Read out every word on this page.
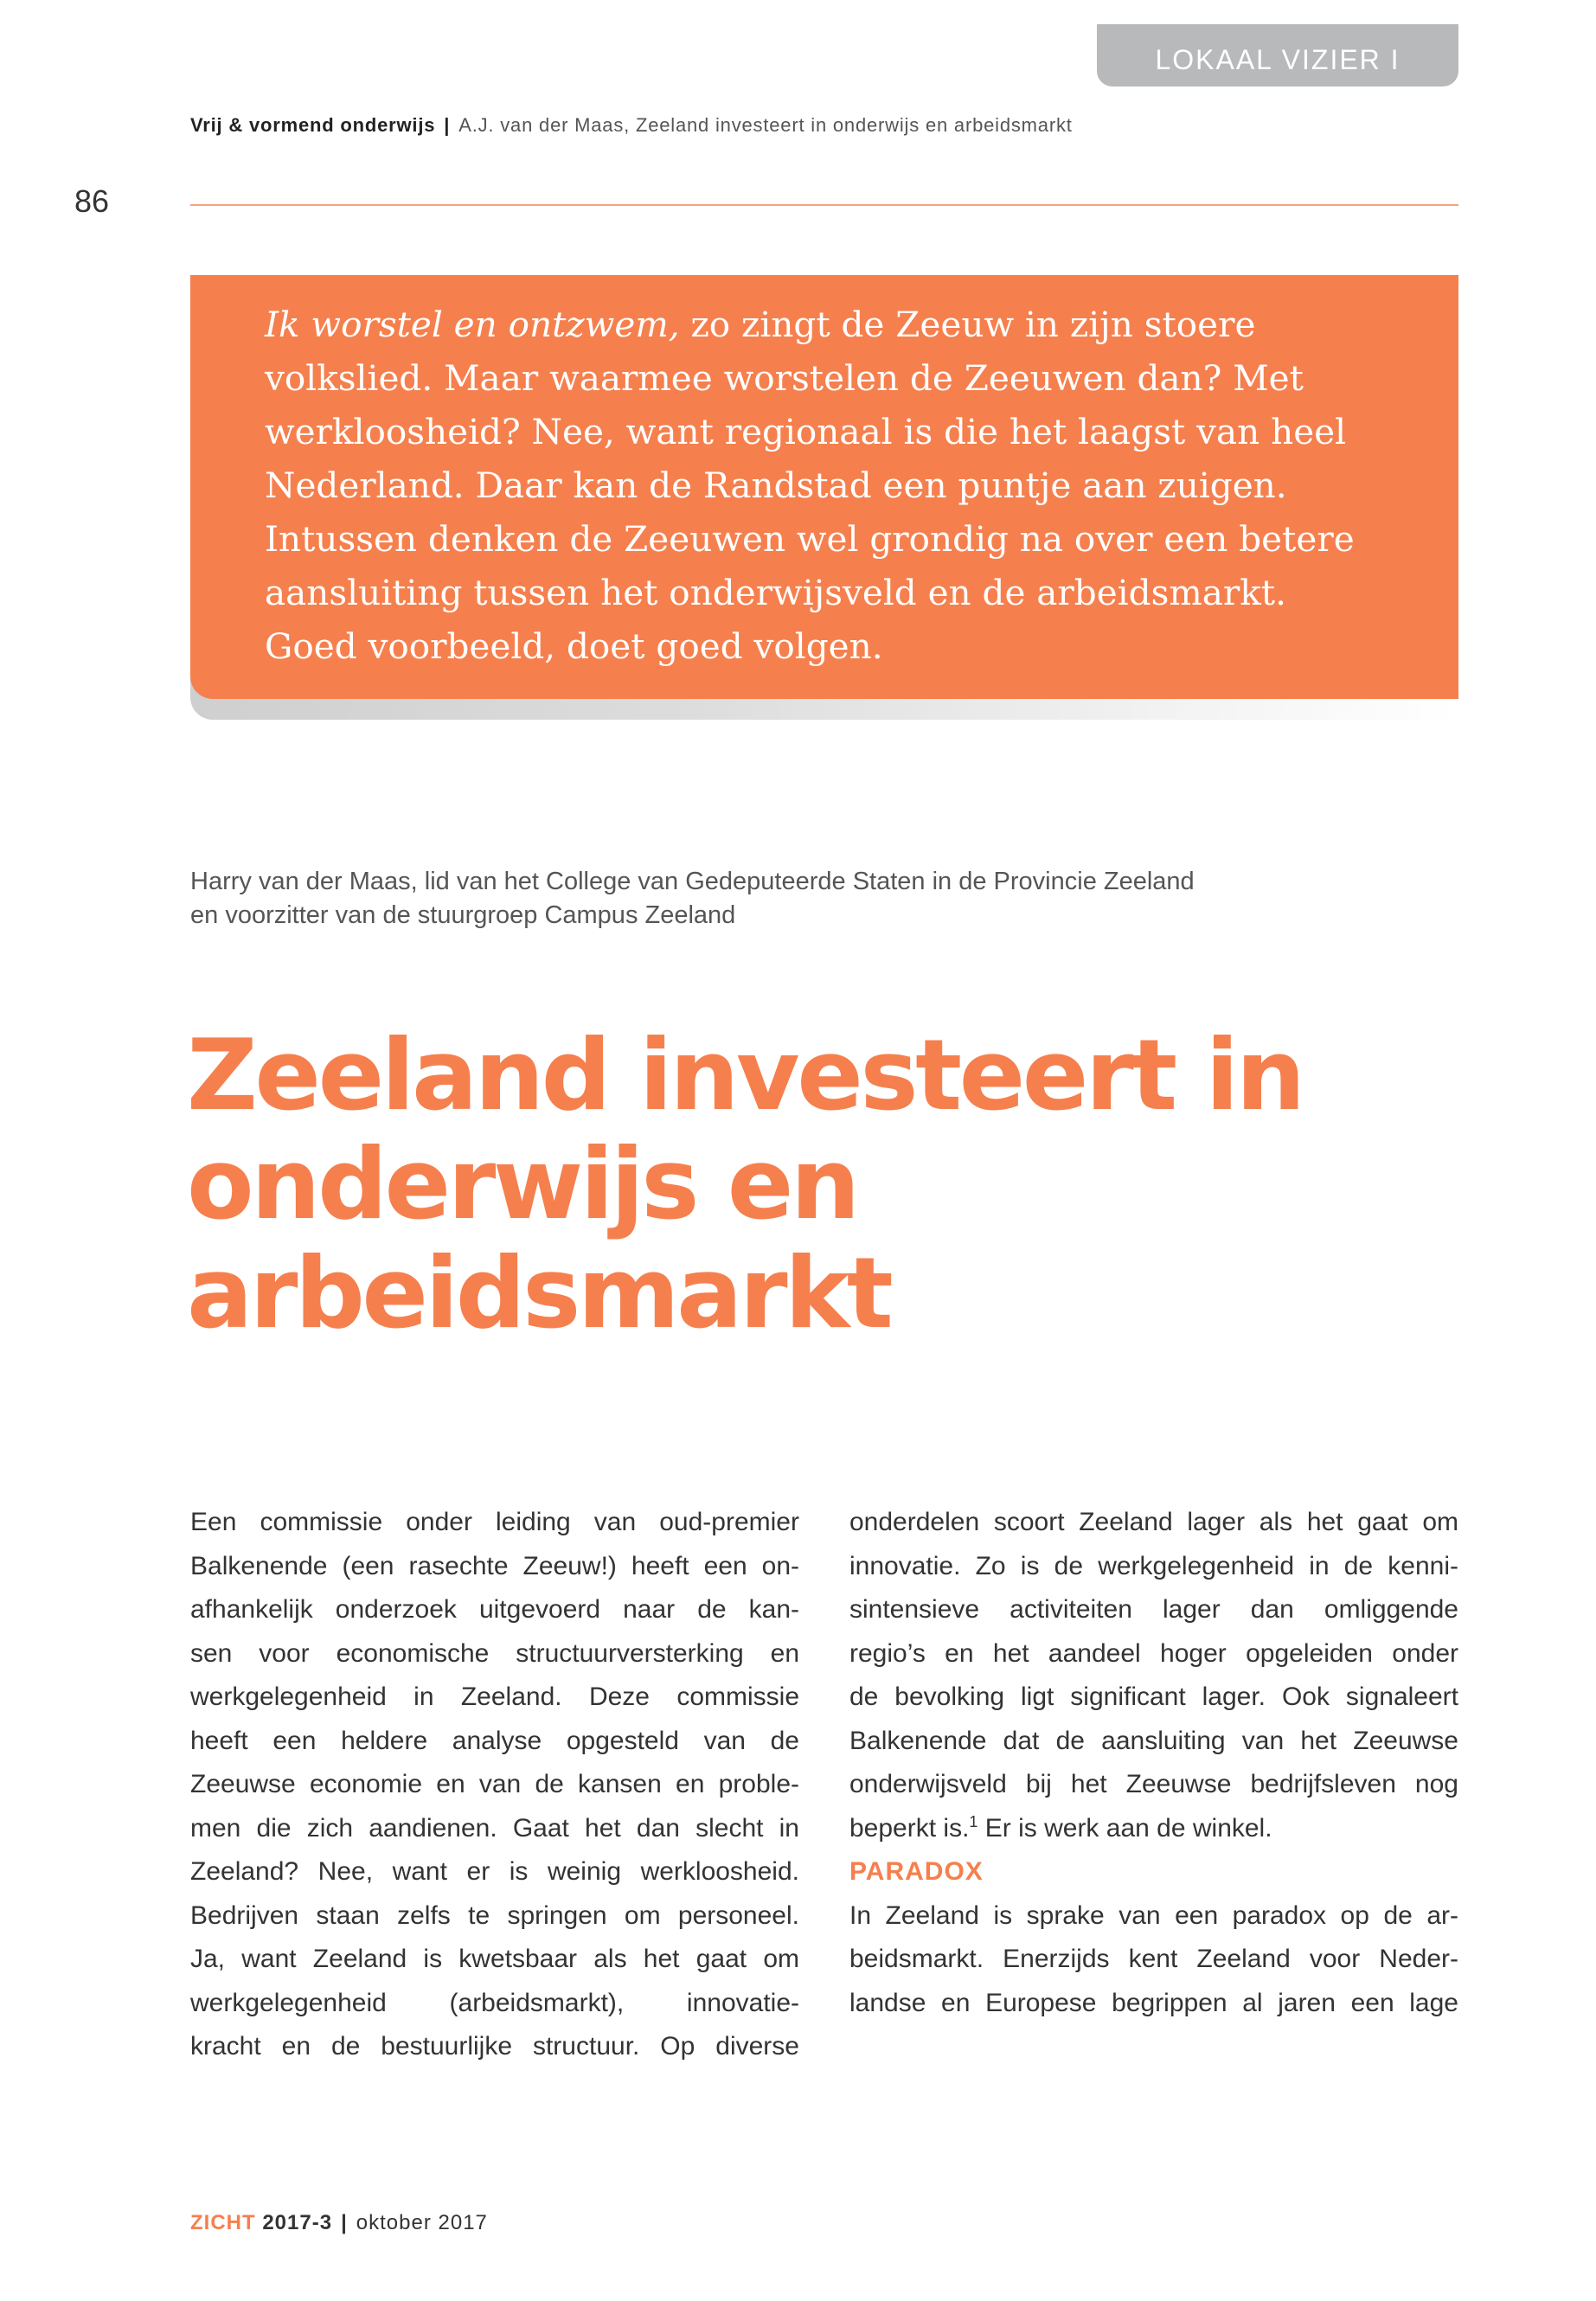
LOKAAL VIZIER I
Vrij & vormend onderwijs | A.J. van der Maas, Zeeland investeert in onderwijs en arbeidsmarkt
86
Ik worstel en ontzwem, zo zingt de Zeeuw in zijn stoere
volkslied. Maar waarmee worstelen de Zeeuwen dan? Met
werkloosheid? Nee, want regionaal is die het laagst van heel
Nederland. Daar kan de Randstad een puntje aan zuigen.
Intussen denken de Zeeuwen wel grondig na over een betere
aansluiting tussen het onderwijsveld en de arbeidsmarkt.
Goed voorbeeld, doet goed volgen.
Harry van der Maas, lid van het College van Gedeputeerde Staten in de Provincie Zeeland
en voorzitter van de stuurgroep Campus Zeeland
Zeeland investeert in
onderwijs en arbeidsmarkt
Een commissie onder leiding van oud-premier
Balkenende (een rasechte Zeeuw!) heeft een on-
afhankelijk onderzoek uitgevoerd naar de kan-
sen voor economische structuurversterking en
werkgelegenheid in Zeeland. Deze commissie
heeft een heldere analyse opgesteld van de
Zeeuwse economie en van de kansen en proble-
men die zich aandienen. Gaat het dan slecht in
Zeeland? Nee, want er is weinig werkloosheid.
Bedrijven staan zelfs te springen om personeel.
Ja, want Zeeland is kwetsbaar als het gaat om
werkgelegenheid (arbeidsmarkt), innovatie-
kracht en de bestuurlijke structuur. Op diverse
onderdelen scoort Zeeland lager als het gaat om
innovatie. Zo is de werkgelegenheid in de kenni-
sintensieve activiteiten lager dan omliggende
regio’s en het aandeel hoger opgeleiden onder
de bevolking ligt significant lager. Ook signaleert
Balkenende dat de aansluiting van het Zeeuwse
onderwijsveld bij het Zeeuwse bedrijfsleven nog
beperkt is.$^1$ Er is werk aan de winkel.

PARADOX

In Zeeland is sprake van een paradox op de ar-
beidsmarkt. Enerzijds kent Zeeland voor Neder-
landse en Europese begrippen al jaren een lage
ZICHT 2017-3 | oktober 2017
